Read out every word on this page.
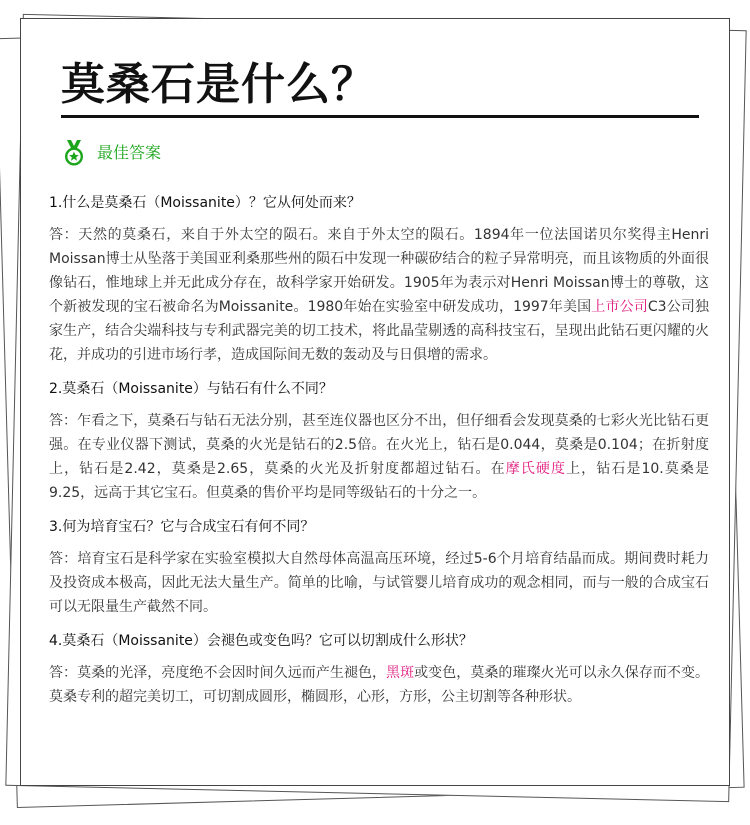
莫桑石是什么？
最佳答案

1.什么是莫桑石（Moissanite）？它从何处而来？

答：天然的莫桑石，来自于外太空的陨石。来自于外太空的陨石。1894年一位法国诺贝尔奖得主Henri Moissan博士从坠落于美国亚利桑那些州的陨石中发现一种碳矽结合的粒子异常明亮，而且该物质的外面很像钻石，惟地球上并无此成分存在，故科学家开始研发。1905年为表示对Henri Moissan博士的尊敬，这个新被发现的宝石被命名为Moissanite。1980年始在实验室中研发成功，1997年美国上市公司C3公司独家生产，结合尖端科技与专利武器完美的切工技术，将此晶莹剔透的高科技宝石，呈现出此钻石更闪耀的火花，并成功的引进市场行孝，造成国际间无数的轰动及与日俱增的需求。

2.莫桑石（Moissanite）与钻石有什么不同？

答：乍看之下，莫桑石与钻石无法分别，甚至连仪器也区分不出，但仔细看会发现莫桑的七彩火光比钻石更强。在专业仪器下测试，莫桑的火光是钻石的2.5倍。在火光上，钻石是0.044，莫桑是0.104；在折射度上，钻石是2.42，莫桑是2.65，莫桑的火光及折射度都超过钻石。在摩氏硬度上，钻石是10.莫桑是9.25，远高于其它宝石。但莫桑的售价平均是同等级钻石的十分之一。

3.何为培育宝石？它与合成宝石有何不同？

答：培育宝石是科学家在实验室模拟大自然母体高温高压环境，经过5-6个月培育结晶而成。期间费时耗力及投资成本极高，因此无法大量生产。简单的比喻，与试管婴儿培育成功的观念相同，而与一般的合成宝石可以无限量生产截然不同。

4.莫桑石（Moissanite）会褪色或变色吗？它可以切割成什么形状？

答：莫桑的光泽，亮度绝不会因时间久远而产生褪色，黑斑或变色，莫桑的璀璨火光可以永久保存而不变。莫桑专利的超完美切工，可切割成圆形，椭圆形，心形，方形，公主切割等各种形状。
